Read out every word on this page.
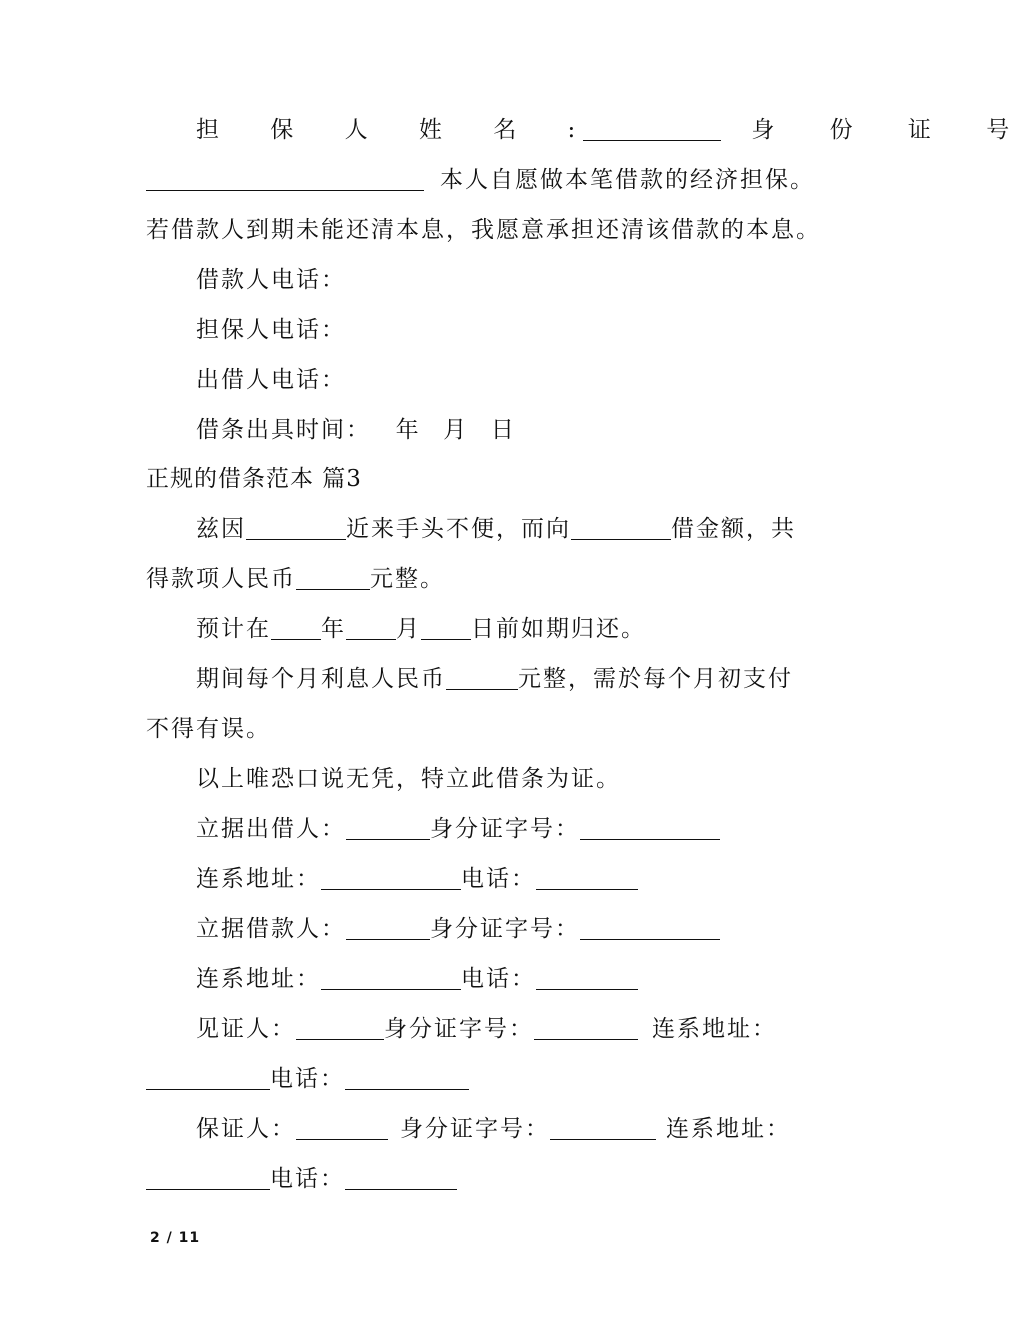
担 保 人 姓 名 :	身 份 证 号
本人自愿做本笔借款的经济担保。
若借款人到期未能还清本息，我愿意承担还清该借款的本息。
借款人电话：
担保人电话：
出借人电话：
借条出具时间： 年 月 日
正规的借条范本 篇3
兹因	近来手头不便，而向	借金额，共
得款项人民币	元整。
预计在 年 月 日前如期归还。
期间每个月利息人民币	元整，需於每个月初支付
不得有误。
以上唯恐口说无凭，特立此借条为证。
立据出借人：	身分证字号：
连系地址：	电话：
立据借款人：	身分证字号：
连系地址：	电话：
见证人：	身分证字号：	连系地址：
电话：
保证人：	身分证字号：	连系地址：
电话：
2 / 11
